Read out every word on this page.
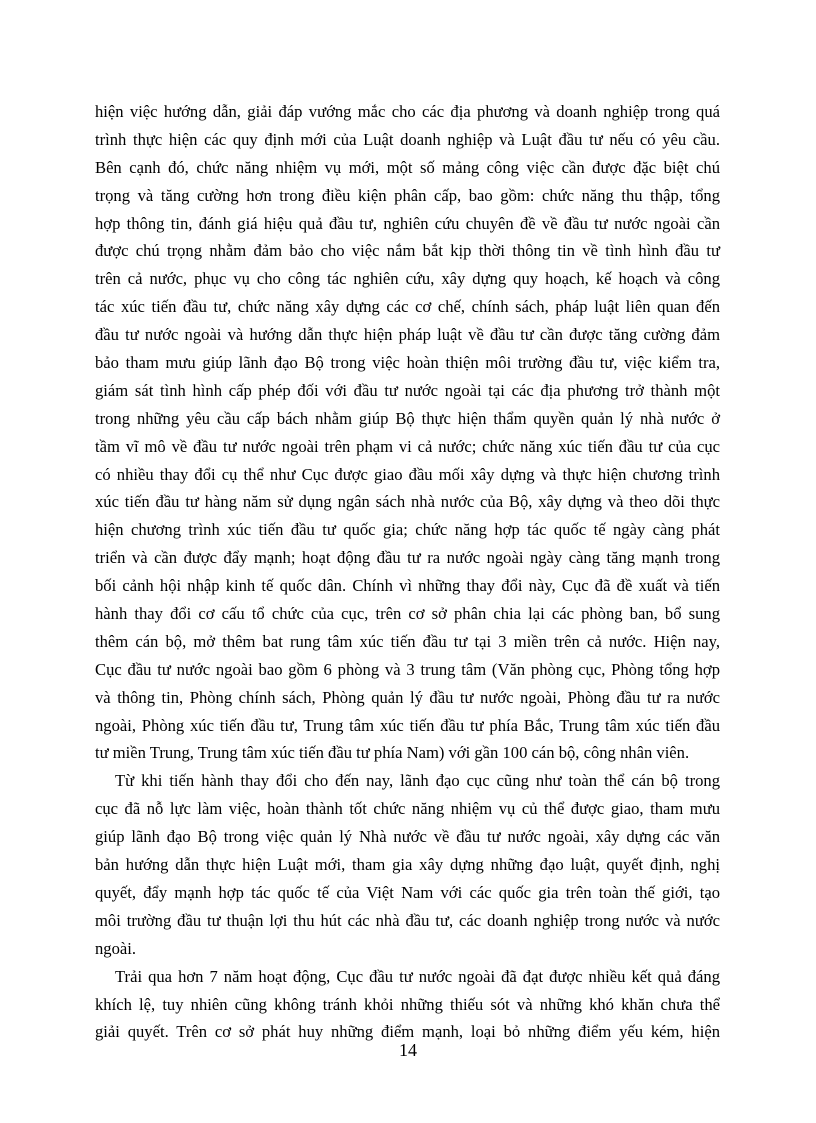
hiện việc hướng dẫn, giải đáp vướng mắc cho các địa phương và doanh nghiệp trong quá
trình thực hiện các quy định mới của Luật doanh nghiệp và Luật đầu tư nếu có yêu cầu.
Bên cạnh đó, chức năng nhiệm vụ mới, một số mảng công việc cần được đặc biệt chú
trọng và tăng cường hơn trong điều kiện phân cấp, bao gồm: chức năng thu thập, tổng
hợp thông tin, đánh giá hiệu quả đầu tư, nghiên cứu chuyên đề về đầu tư nước ngoài cần
được chú trọng nhằm đảm bảo cho việc nắm bắt kịp thời thông tin về tình hình đầu tư
trên cả nước, phục vụ cho công tác nghiên cứu, xây dựng quy hoạch, kế hoạch và công
tác xúc tiến đầu tư, chức năng xây dựng các cơ chế, chính sách, pháp luật liên quan đến
đầu tư nước ngoài và hướng dẫn thực hiện pháp luật về đầu tư cần được tăng cường đảm
bảo tham mưu giúp lãnh đạo Bộ trong việc hoàn thiện môi trường đầu tư, việc kiểm tra,
giám sát tình hình cấp phép đối với đầu tư nước ngoài tại các địa phương trở thành một
trong những yêu cầu cấp bách nhằm giúp Bộ thực hiện thẩm quyền quản lý nhà nước ở
tầm vĩ mô về đầu tư nước ngoài trên phạm vi cả nước; chức năng xúc tiến đầu tư của cục
có nhiều thay đổi cụ thể như Cục được giao đầu mối xây dựng và thực hiện chương trình
xúc tiến đầu tư hàng năm sử dụng ngân sách nhà nước của Bộ, xây dựng và theo dõi thực
hiện chương trình xúc tiến đầu tư quốc gia; chức năng hợp tác quốc tế ngày càng phát
triển và cần được đẩy mạnh; hoạt động đầu tư ra nước ngoài ngày càng tăng mạnh trong
bối cảnh hội nhập kinh tế quốc dân. Chính vì những thay đổi này, Cục đã đề xuất và tiến
hành thay đổi cơ cấu tổ chức của cục, trên cơ sở phân chia lại các phòng ban, bổ sung
thêm cán bộ, mở thêm bat rung tâm xúc tiến đầu tư tại 3 miền trên cả nước. Hiện nay,
Cục đầu tư nước ngoài bao gồm 6 phòng và 3 trung tâm (Văn phòng cục, Phòng tổng hợp
và thông tin, Phòng chính sách, Phòng quản lý đầu tư nước ngoài, Phòng đầu tư ra nước
ngoài, Phòng xúc tiến đầu tư, Trung tâm xúc tiến đầu tư phía Bắc, Trung tâm xúc tiến đầu
tư miền Trung, Trung tâm xúc tiến đầu tư phía Nam) với gần 100 cán bộ, công nhân viên.
Từ khi tiến hành thay đổi cho đến nay, lãnh đạo cục cũng như toàn thể cán bộ trong
cục đã nỗ lực làm việc, hoàn thành tốt chức năng nhiệm vụ củ thể được giao, tham mưu
giúp lãnh đạo Bộ trong việc quản lý Nhà nước về đầu tư nước ngoài, xây dựng các văn
bản hướng dẫn thực hiện Luật mới, tham gia xây dựng những đạo luật, quyết định, nghị
quyết, đẩy mạnh hợp tác quốc tế của Việt Nam với các quốc gia trên toàn thế giới, tạo
môi trường đầu tư thuận lợi thu hút các nhà đầu tư, các doanh nghiệp trong nước và nước
ngoài.
Trải qua hơn 7 năm hoạt động, Cục đầu tư nước ngoài đã đạt được nhiều kết quả đáng
khích lệ, tuy nhiên cũng không tránh khỏi những thiếu sót và những khó khăn chưa thể
giải quyết. Trên cơ sở phát huy những điểm mạnh, loại bỏ những điểm yếu kém, hiện
14
